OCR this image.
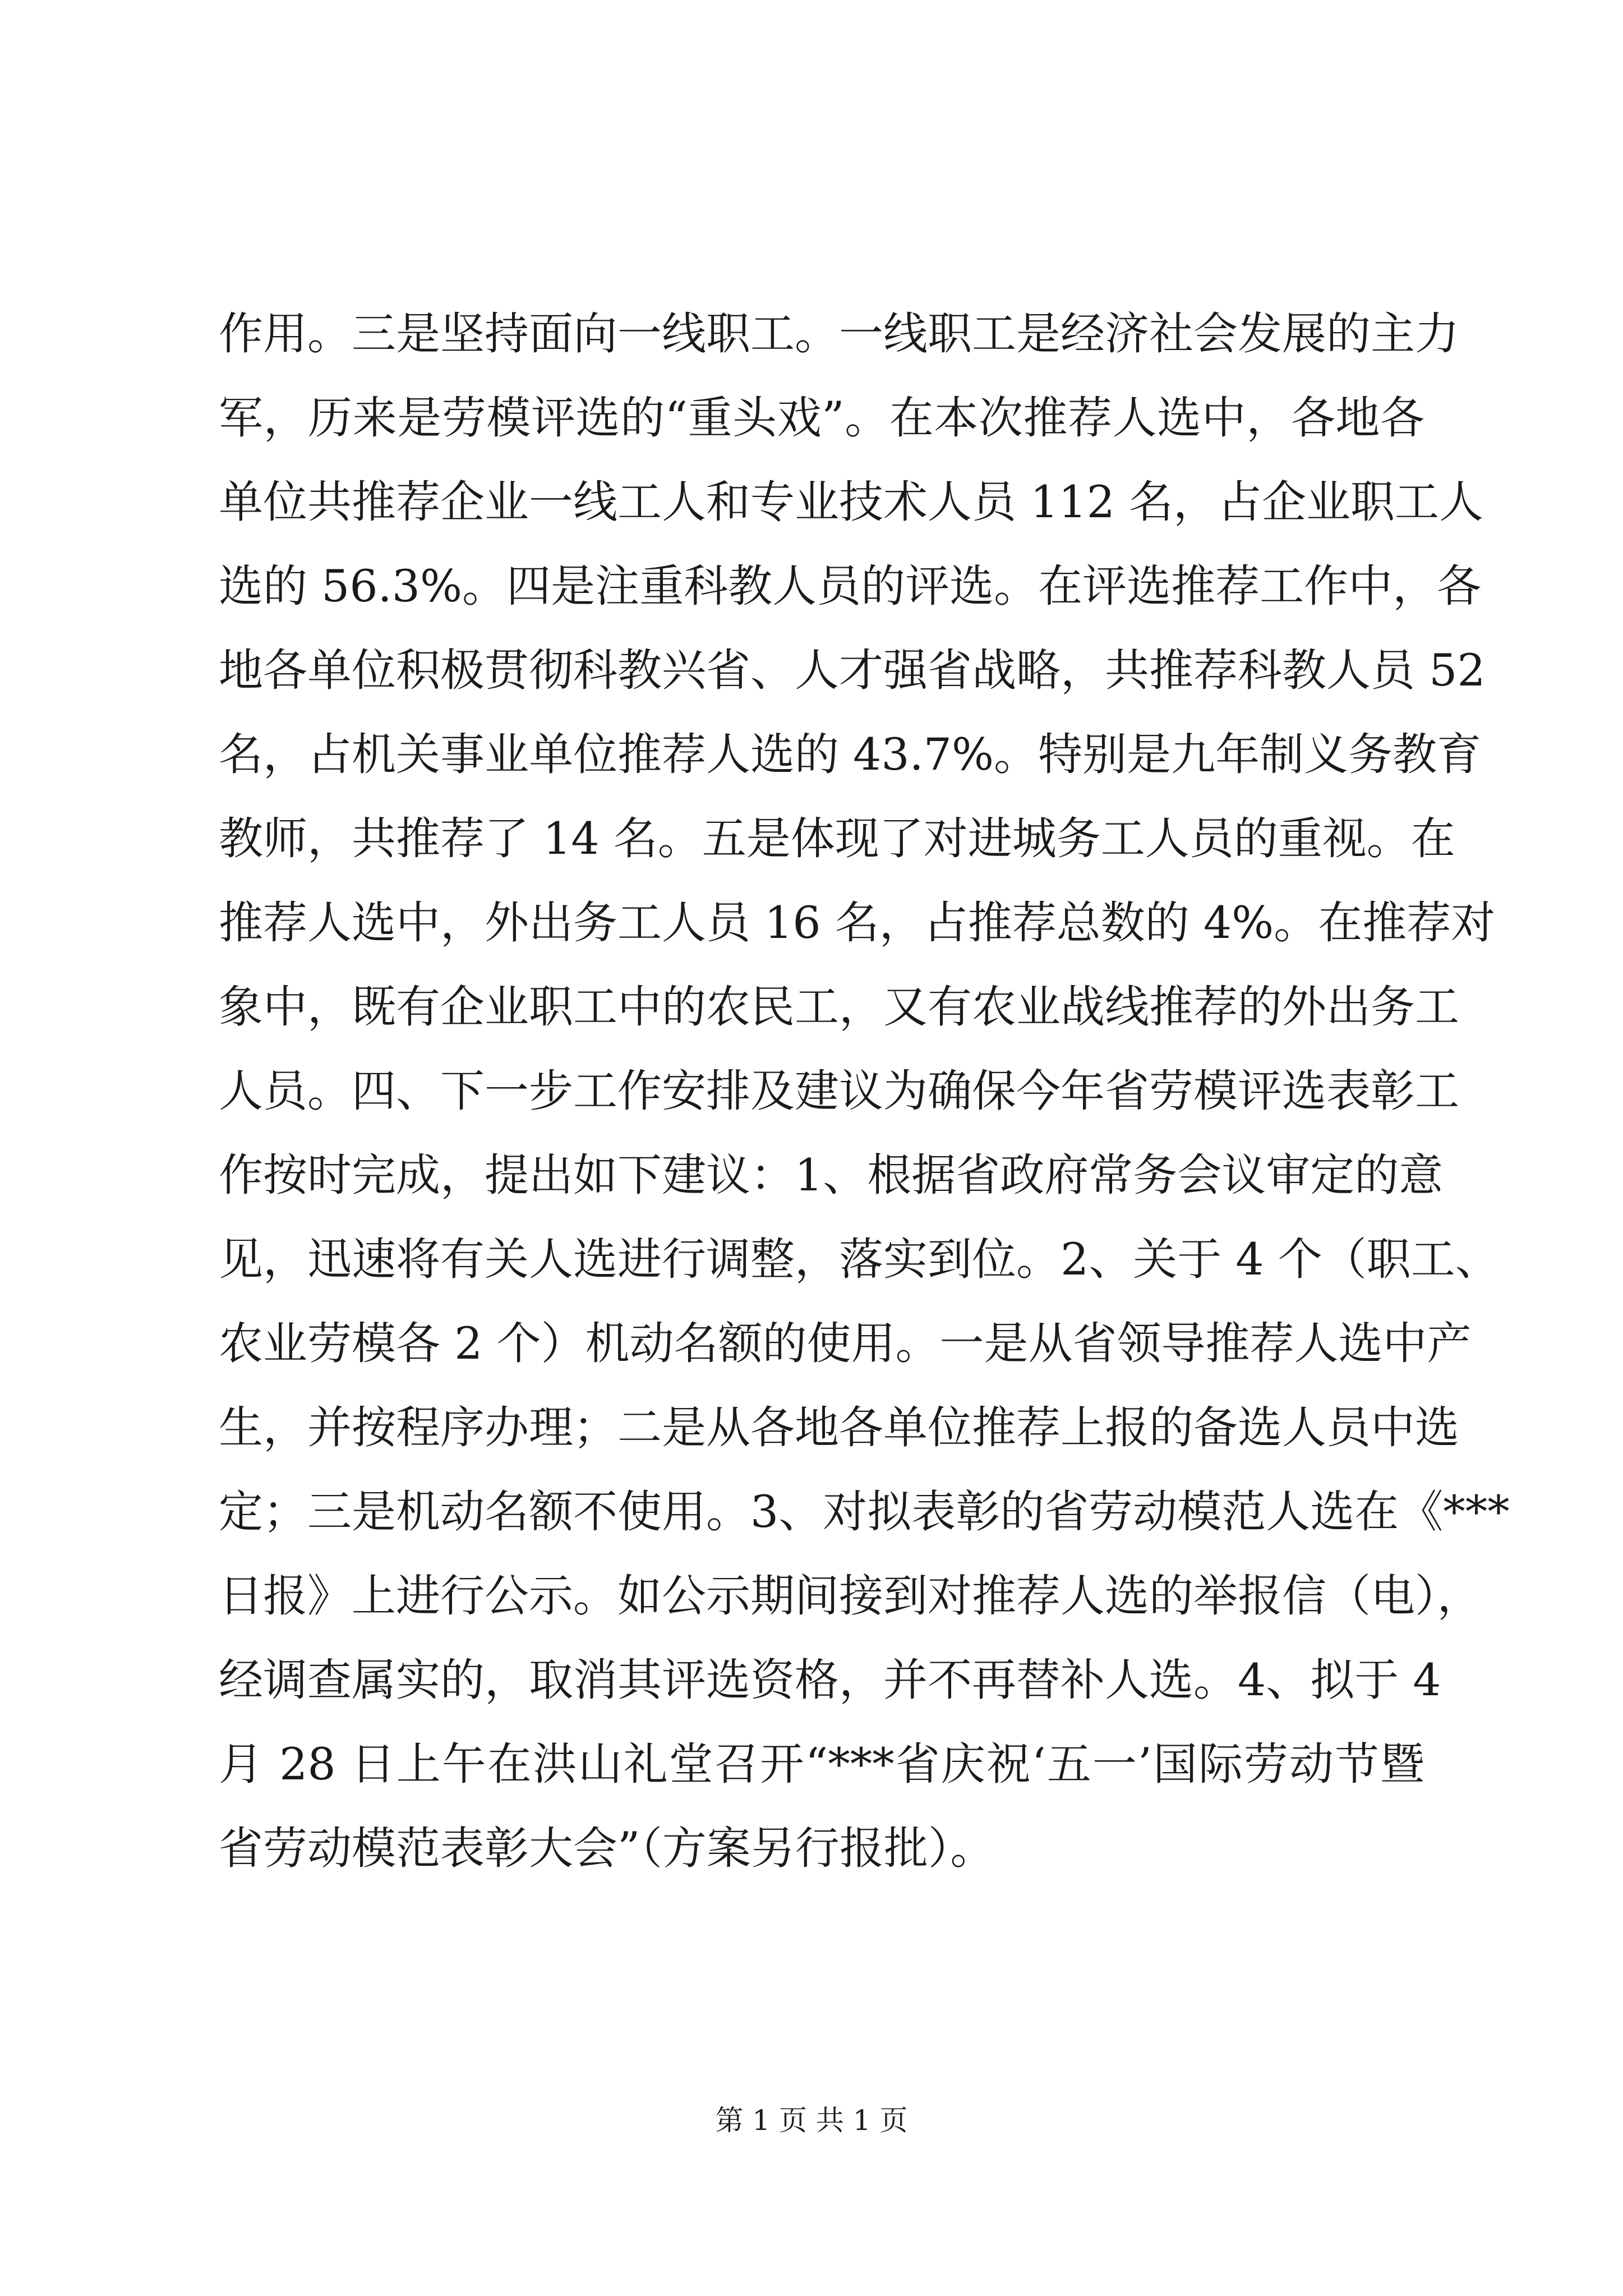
作用。三是坚持面向一线职工。一线职工是经济社会发展的主力
军，历来是劳模评选的“重头戏”。在本次推荐人选中，各地各
单位共推荐企业一线工人和专业技术人员 112 名，占企业职工人
选的 56.3%。四是注重科教人员的评选。在评选推荐工作中，各
地各单位积极贯彻科教兴省、人才强省战略，共推荐科教人员 52
名，占机关事业单位推荐人选的 43.7%。特别是九年制义务教育
教师，共推荐了 14 名。五是体现了对进城务工人员的重视。在
推荐人选中，外出务工人员 16 名，占推荐总数的 4%。在推荐对
象中，既有企业职工中的农民工，又有农业战线推荐的外出务工
人员。四、下一步工作安排及建议为确保今年省劳模评选表彰工
作按时完成，提出如下建议：1、根据省政府常务会议审定的意
见，迅速将有关人选进行调整，落实到位。2、关于 4 个（职工、
农业劳模各 2 个）机动名额的使用。一是从省领导推荐人选中产
生，并按程序办理；二是从各地各单位推荐上报的备选人员中选
定；三是机动名额不使用。3、对拟表彰的省劳动模范人选在《***
日报》上进行公示。如公示期间接到对推荐人选的举报信（电），
经调查属实的，取消其评选资格，并不再替补人选。4、拟于 4
月 28 日上午在洪山礼堂召开“***省庆祝‘五一’国际劳动节暨
省劳动模范表彰大会”（方案另行报批）。
第 1 页 共 1 页
